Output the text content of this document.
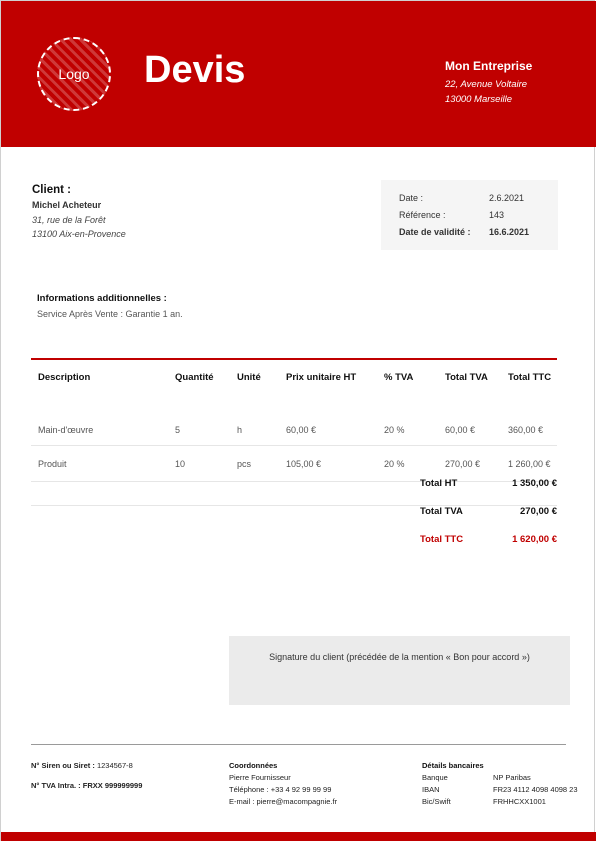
Logo Devis	Mon Entreprise
22, Avenue Voltaire
13000 Marseille
Client :
Michel Acheteur
31, rue de la Forêt
13100 Aix-en-Provence
Date :	2.6.2021
Référence :	143
Date de validité :	16.6.2021
Informations additionnelles :
Service Après Vente : Garantie 1 an.
Description	Quantité	Unité	Prix unitaire HT	% TVA	Total TVA	Total TTC
Main-d'œuvre	5	h	60,00 €	20 %	60,00 €	360,00 €
Produit	10	pcs	105,00 €	20 %	270,00 €	1 260,00 €
Total HT	1 350,00 €
Total TVA	270,00 €
Total TTC	1 620,00 €
Signature du client (précédée de la mention « Bon pour accord »)
N° Siren ou Siret : 1234567-8
N° TVA Intra. : FRXX 999999999
Coordonnées
Pierre Fournisseur
Téléphone : +33 4 92 99 99 99
E-mail : pierre@macompagnie.fr
Détails bancaires
Banque	NP Paribas
IBAN	FR23 4112 4098 4098 23
Bic/Swift	FRHHCXX1001
